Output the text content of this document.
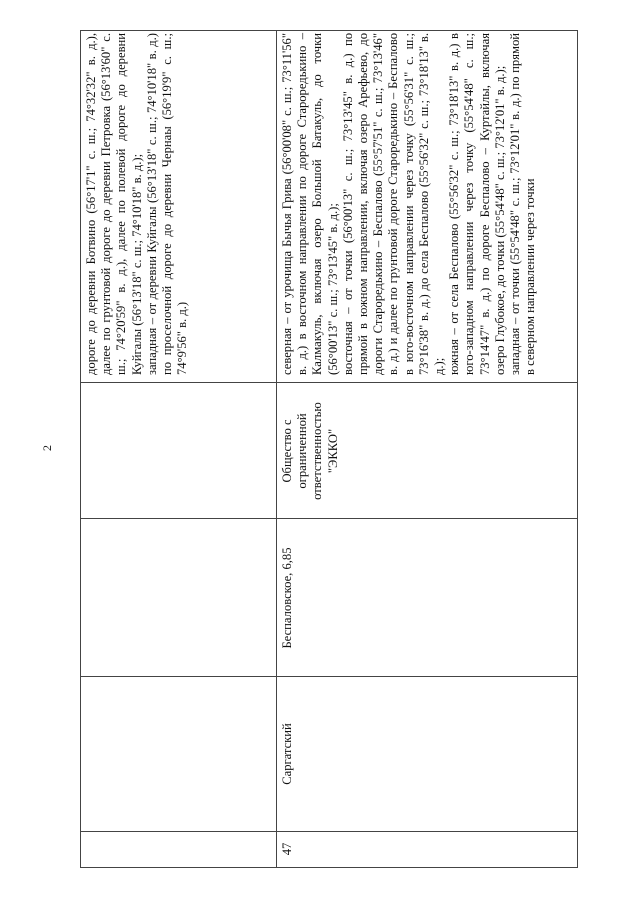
2

дороге до деревни Ботвино (56°17'1" с. ш.; 74°32'32" в. д.), далее по грунтовой дороге до деревни Петровка (56°13'60" с. ш.; 74°20'59" в. д.), далее по полевой дороге до деревни Куйгалы (56°13'18" с. ш.; 74°10'18" в. д.); западная – от деревни Куйгалы (56°13'18" с. ш.; 74°10'18" в. д.) по проселочной дороге до деревни Чернаы (56°19'9" с. ш.; 74°9'56" в. д.)

47
Саргатский
Беспаловское, 6,85
Общество с ограниченной ответственностью "ЭККО"

северная – от урочища Бычья Грива (56°00'08" с. ш.; 73°11'56" в. д.) в восточном направлении по дороге Староредькино – Калмакуль, включая озеро Большой Батакуль, до точки (56°00'13" с. ш.; 73°13'45" в. д.); восточная – от точки (56°00'13" с. ш.; 73°13'45" в. д.) по прямой в южном направлении, включая озеро Арефьево, до дороги Староредькино – Беспалово (55°57'51" с. ш.; 73°13'46" в. д.) и далее по грунтовой дороге Староредькино – Беспалово в юго-восточном направлении через точку (55°56'31" с. ш.; 73°16'38" в. д.) до села Беспалово (55°56'32" с. ш.; 73°18'13" в. д.); южная – от села Беспалово (55°56'32" с. ш.; 73°18'13" в. д.) в юго-западном направлении через точку (55°54'48" с. ш.; 73°14'47" в. д.) по дороге Беспалово – Куртайлы, включая озеро Глубокое, до точки (55°54'48" с. ш.; 73°12'01" в. д.); западная – от точки (55°54'48" с. ш.; 73°12'01" в. д.) по прямой в северном направлении через точки
